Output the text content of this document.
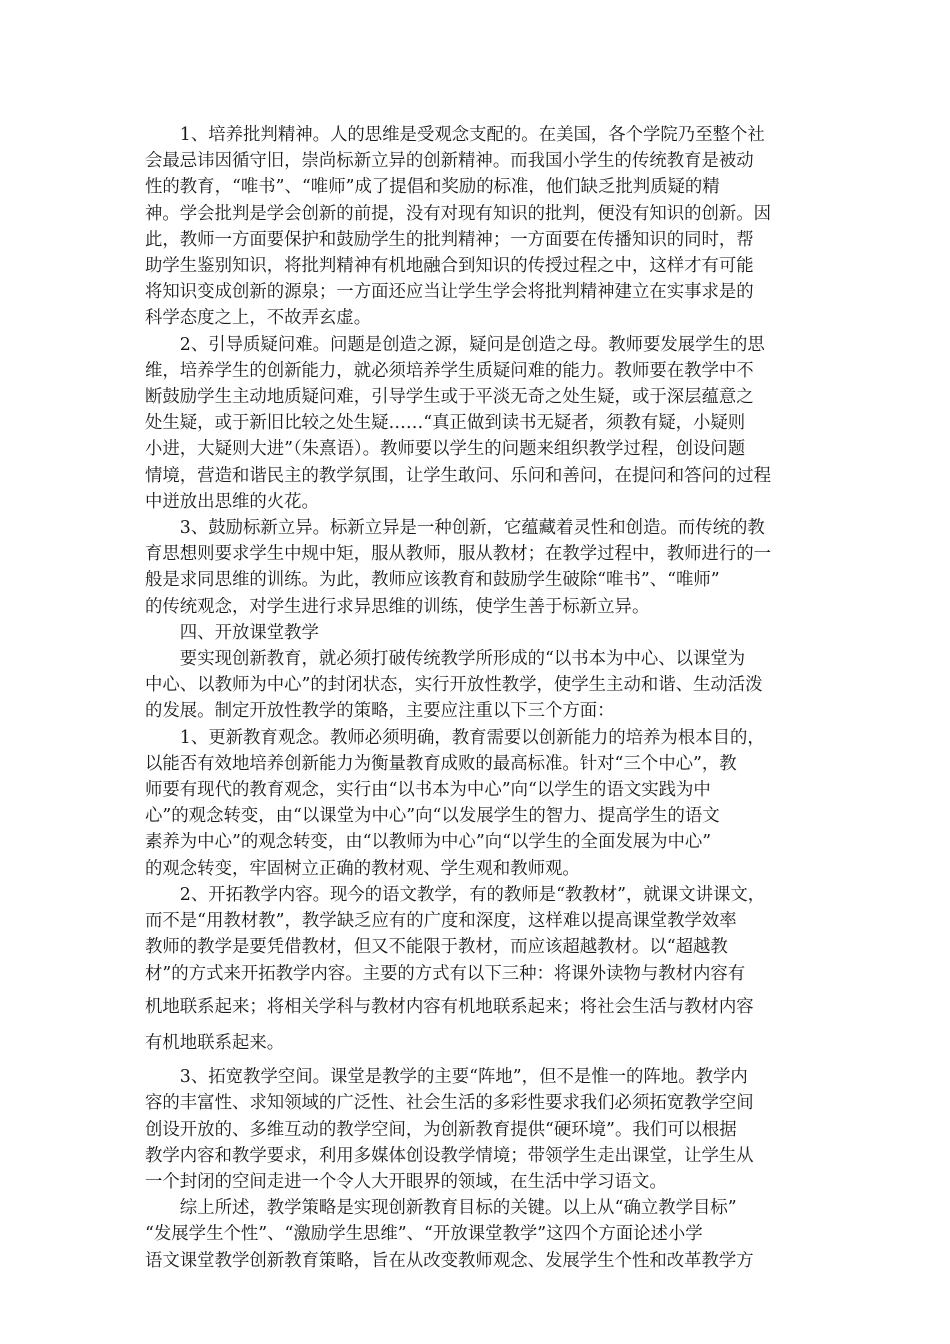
1、培养批判精神。人的思维是受观念支配的。在美国，各个学院乃至整个社
会最忌讳因循守旧，崇尚标新立异的创新精神。而我国小学生的传统教育是被动
性的教育，“唯书”、“唯师”成了提倡和奖励的标准，他们缺乏批判质疑的精
神。学会批判是学会创新的前提，没有对现有知识的批判，便没有知识的创新。因
此，教师一方面要保护和鼓励学生的批判精神；一方面要在传播知识的同时，帮
助学生鉴别知识，将批判精神有机地融合到知识的传授过程之中，这样才有可能
将知识变成创新的源泉；一方面还应当让学生学会将批判精神建立在实事求是的
科学态度之上，不故弄玄虚。
2、引导质疑问难。问题是创造之源，疑问是创造之母。教师要发展学生的思
维，培养学生的创新能力，就必须培养学生质疑问难的能力。教师要在教学中不
断鼓励学生主动地质疑问难，引导学生或于平淡无奇之处生疑，或于深层蕴意之
处生疑，或于新旧比较之处生疑……“真正做到读书无疑者，须教有疑，小疑则
小进，大疑则大进”（朱熹语）。教师要以学生的问题来组织教学过程，创设问题
情境，营造和谐民主的教学氛围，让学生敢问、乐问和善问，在提问和答问的过程
中迸放出思维的火花。
3、鼓励标新立异。标新立异是一种创新，它蕴藏着灵性和创造。而传统的教
育思想则要求学生中规中矩，服从教师，服从教材；在教学过程中，教师进行的一
般是求同思维的训练。为此，教师应该教育和鼓励学生破除“唯书”、“唯师”
的传统观念，对学生进行求异思维的训练，使学生善于标新立异。
四、开放课堂教学
要实现创新教育，就必须打破传统教学所形成的“以书本为中心、以课堂为
中心、以教师为中心”的封闭状态，实行开放性教学，使学生主动和谐、生动活泼
的发展。制定开放性教学的策略，主要应注重以下三个方面：
1、更新教育观念。教师必须明确，教育需要以创新能力的培养为根本目的，
以能否有效地培养创新能力为衡量教育成败的最高标准。针对“三个中心”，教
师要有现代的教育观念，实行由“以书本为中心”向“以学生的语文实践为中
心”的观念转变，由“以课堂为中心”向“以发展学生的智力、提高学生的语文
素养为中心”的观念转变，由“以教师为中心”向“以学生的全面发展为中心”
的观念转变，牢固树立正确的教材观、学生观和教师观。
2、开拓教学内容。现今的语文教学，有的教师是“教教材”，就课文讲课文，
而不是“用教材教”，教学缺乏应有的广度和深度，这样难以提高课堂教学效率
教师的教学是要凭借教材，但又不能限于教材，而应该超越教材。以“超越教
材”的方式来开拓教学内容。主要的方式有以下三种：将课外读物与教材内容有
机地联系起来；将相关学科与教材内容有机地联系起来；将社会生活与教材内容
有机地联系起来。
3、拓宽教学空间。课堂是教学的主要“阵地”，但不是惟一的阵地。教学内
容的丰富性、求知领域的广泛性、社会生活的多彩性要求我们必须拓宽教学空间
创设开放的、多维互动的教学空间，为创新教育提供“硬环境”。我们可以根据
教学内容和教学要求，利用多媒体创设教学情境；带领学生走出课堂，让学生从
一个封闭的空间走进一个令人大开眼界的领域，在生活中学习语文。
综上所述，教学策略是实现创新教育目标的关键。以上从“确立教学目标”
“发展学生个性”、“激励学生思维”、“开放课堂教学”这四个方面论述小学
语文课堂教学创新教育策略，旨在从改变教师观念、发展学生个性和改革教学方
